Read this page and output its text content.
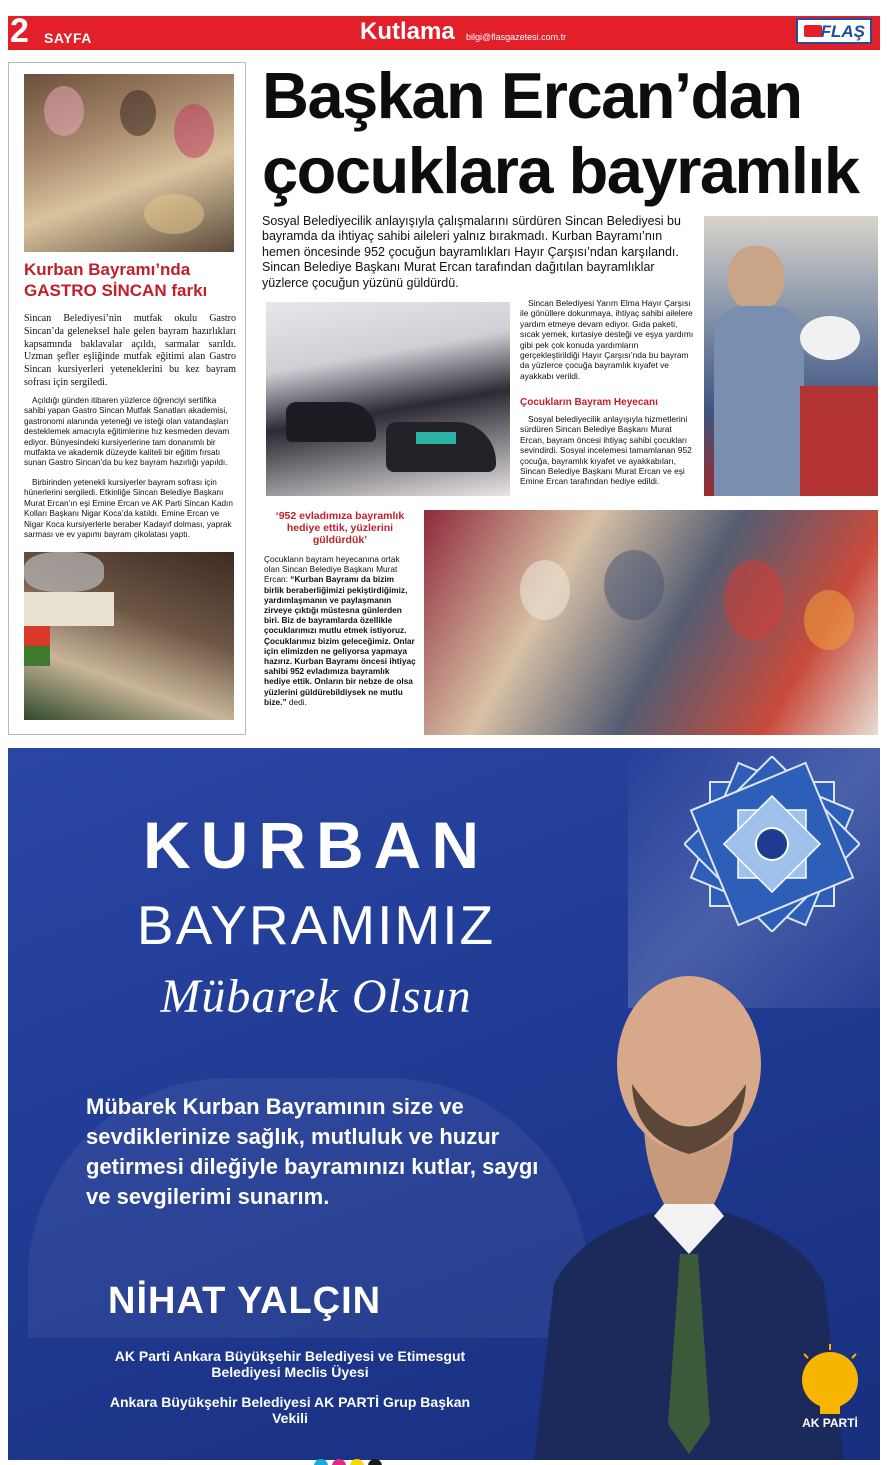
2 SAYFA	Kutlama bilgi@flasgazetesi.com.tr	FLAŞ
Kurban Bayramı’nda GASTRO SİNCAN farkı
Sincan Belediyesi’nin mutfak okulu Gastro Sincan’da geleneksel hale gelen bayram hazırlıkları kapsamında baklavalar açıldı, sarmalar sarıldı. Uzman şefler eşliğinde mutfak eğitimi alan Gastro Sincan kursiyerleri yeteneklerini bu kez bayram sofrası için sergiledi.
Açıldığı günden itibaren yüzlerce öğrenciyi sertifika sahibi yapan Gastro Sincan Mutfak Sanatları akademisi, gastronomi alanında yeteneği ve isteği olan vatandaşları desteklemek amacıyla eğitimlerine hız kesmeden devam ediyor. Bünyesindeki kursiyerlerine tam donanımlı bir mutfakta ve akademik düzeyde kaliteli bir eğitim fırsatı sunan Gastro Sincan’da bu kez bayram hazırlığı yapıldı.
Birbirinden yetenekli kursiyerler bayram sofrası için hünerlerini sergiledi. Etkinliğe Sincan Belediye Başkanı Murat Ercan’ın eşi Emine Ercan ve AK Parti Sincan Kadın Kolları Başkanı Nigar Koca’da katıldı. Emine Ercan ve Nigar Koca kursiyerlerle beraber Kadayıf dolması, yaprak sarması ve ev yapımı bayram çikolatası yaptı.
Başkan Ercan’dan çocuklara bayramlık
Sosyal Belediyecilik anlayışıyla çalışmalarını sürdüren Sincan Belediyesi bu bayramda da ihtiyaç sahibi aileleri yalnız bırakmadı. Kurban Bayramı’nın hemen öncesinde 952 çocuğun bayramlıkları Hayır Çarşısı’ndan karşılandı. Sincan Belediye Başkanı Murat Ercan tarafından dağıtılan bayramlıklar yüzlerce çocuğun yüzünü güldürdü.
Sincan Belediyesi Yarım Elma Hayır Çarşısı ile gönüllere dokunmaya, ihtiyaç sahibi ailelere yardım etmeye devam ediyor. Gıda paketi, sıcak yemek, kırtasiye desteği ve eşya yardımı gibi pek çok konuda yardımların gerçekleştirildiği Hayır Çarşısı’nda bu bayram da yüzlerce çocuğa bayramlık kıyafet ve ayakkabı verildi.
Çocukların Bayram Heyecanı
Sosyal belediyecilik anlayışıyla hizmetlerini sürdüren Sincan Belediye Başkanı Murat Ercan, bayram öncesi ihtiyaç sahibi çocukları sevindirdi. Sosyal incelemesi tamamlanan 952 çocuğa, bayramlık kıyafet ve ayakkabıları, Sincan Belediye Başkanı Murat Ercan ve eşi Emine Ercan tarafından hediye edildi.
‘952 evladımıza bayramlık hediye ettik, yüzlerini güldürdük’
Çocukların bayram heyecanına ortak olan Sincan Belediye Başkanı Murat Ercan: “Kurban Bayramı da bizim birlik beraberliğimizi pekiştirdiğimiz, yardımlaşmanın ve paylaşmanın zirveye çıktığı müstesna günlerden biri. Biz de bayramlarda özellikle çocuklarımızı mutlu etmek istiyoruz. Çocuklarımız bizim geleceğimiz. Onlar için elimizden ne geliyorsa yapmaya hazırız. Kurban Bayramı öncesi ihtiyaç sahibi 952 evladımıza bayramlık hediye ettik. Onların bir nebze de olsa yüzlerini güldürebildiysek ne mutlu bize.” dedi.
KURBAN
BAYRAMIMIZ
Mübarek Olsun
Mübarek Kurban Bayramının size ve sevdiklerinize sağlık, mutluluk ve huzur getirmesi dileğiyle bayramınızı kutlar, saygı ve sevgilerimi sunarım.
NİHAT YALÇIN
AK Parti Ankara Büyükşehir Belediyesi ve Etimesgut Belediyesi Meclis Üyesi
Ankara Büyükşehir Belediyesi AK PARTİ Grup Başkan Vekili	AK PARTİ
